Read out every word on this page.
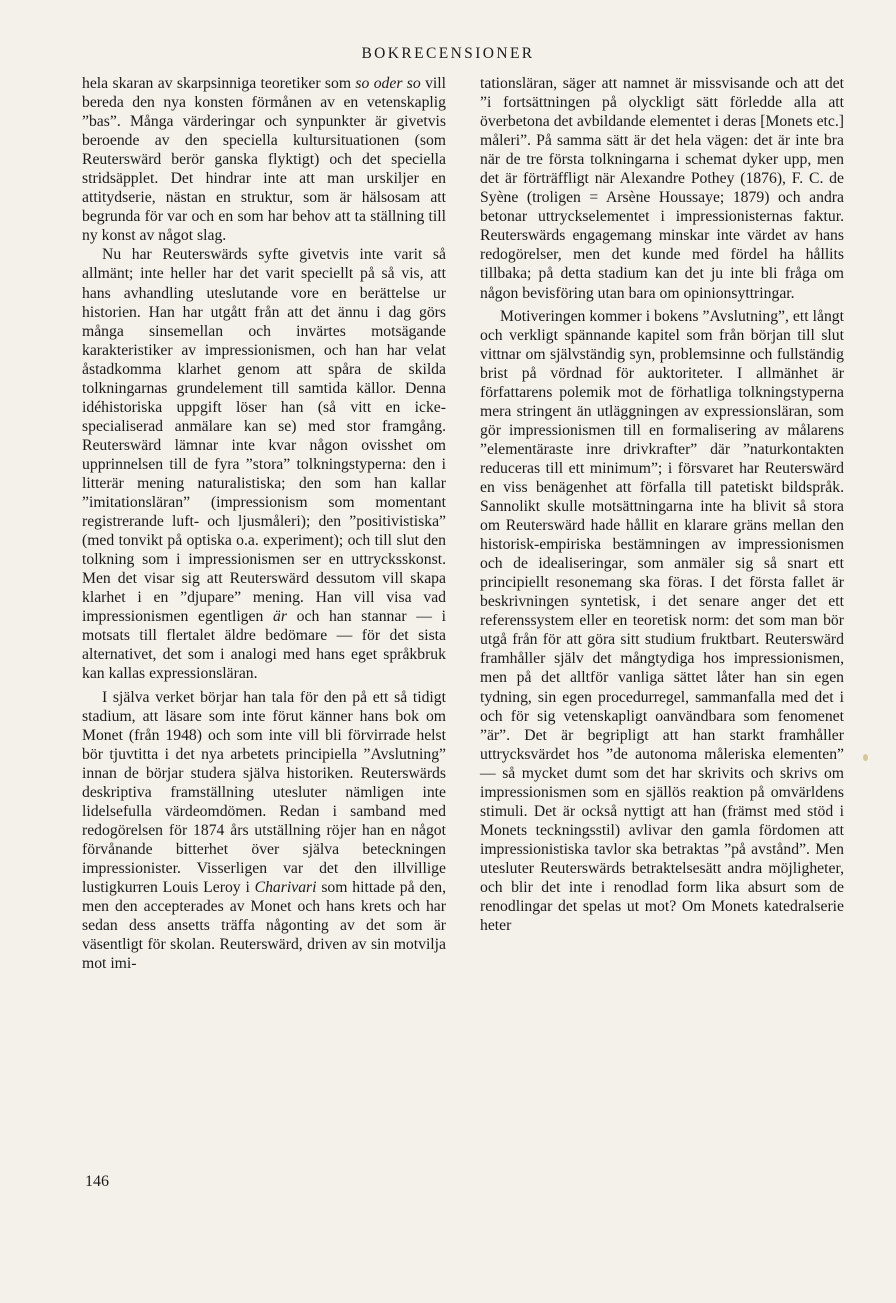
BOKRECENSIONER

hela skaran av skarpsinniga teoretiker som so oder so vill bereda den nya konsten förmånen av en vetenskaplig ”bas”. Många värderingar och synpunkter är givetvis beroende av den speciella kultursituationen (som Reuterswärd berör ganska flyktigt) och det speciella stridsäpplet. Det hindrar inte att man urskiljer en attitydserie, nästan en struktur, som är hälsosam att begrunda för var och en som har behov att ta ställning till ny konst av något slag.

Nu har Reuterswärds syfte givetvis inte varit så allmänt; inte heller har det varit speciellt på så vis, att hans avhandling uteslutande vore en berättelse ur historien. Han har utgått från att det ännu i dag görs många sinsemellan och invärtes motsägande karakteristiker av impressionismen, och han har velat åstadkomma klarhet genom att spåra de skilda tolkningarnas grundelement till samtida källor. Denna idéhistoriska uppgift löser han (så vitt en icke-specialiserad anmälare kan se) med stor framgång. Reuterswärd lämnar inte kvar någon ovisshet om upprinnelsen till de fyra ”stora” tolkningstyperna: den i litterär mening naturalistiska; den som han kallar ”imitationsläran” (impressionism som momentant registrerande luft- och ljusmåleri); den ”positivistiska” (med tonvikt på optiska o.a. experiment); och till slut den tolkning som i impressionismen ser en uttrycksskonst. Men det visar sig att Reuterswärd dessutom vill skapa klarhet i en ”djupare” mening. Han vill visa vad impressionismen egentligen är och han stannar — i motsats till flertalet äldre bedömare — för det sista alternativet, det som i analogi med hans eget språkbruk kan kallas expressionsläran.

I själva verket börjar han tala för den på ett så tidigt stadium, att läsare som inte förut känner hans bok om Monet (från 1948) och som inte vill bli förvirrade helst bör tjuvtitta i det nya arbetets principiella ”Avslutning” innan de börjar studera själva historiken. Reuterswärds deskriptiva framställning utesluter nämligen inte lidelsefulla värdeomdömen. Redan i samband med redogörelsen för 1874 års utställning röjer han en något förvånande bitterhet över själva beteckningen impressionister. Visserligen var det den illvillige lustigkurren Louis Leroy i Charivari som hittade på den, men den accepterades av Monet och hans krets och har sedan dess ansetts träffa någonting av det som är väsentligt för skolan. Reuterswärd, driven av sin motvilja mot imi-

tationsläran, säger att namnet är missvisande och att det ”i fortsättningen på olyckligt sätt förledde alla att överbetona det avbildande elementet i deras [Monets etc.] måleri”. På samma sätt är det hela vägen: det är inte bra när de tre första tolkningarna i schemat dyker upp, men det är förträffligt när Alexandre Pothey (1876), F. C. de Syène (troligen = Arsène Houssaye; 1879) och andra betonar uttryckselementet i impressionisternas faktur. Reuterswärds engagemang minskar inte värdet av hans redogörelser, men det kunde med fördel ha hållits tillbaka; på detta stadium kan det ju inte bli fråga om någon bevisföring utan bara om opinionsyttringar.

Motiveringen kommer i bokens ”Avslutning”, ett långt och verkligt spännande kapitel som från början till slut vittnar om självständig syn, problemsinne och fullständig brist på vördnad för auktoriteter. I allmänhet är författarens polemik mot de förhatliga tolkningstyperna mera stringent än utläggningen av expressionsläran, som gör impressionismen till en formalisering av målarens ”elementäraste inre drivkrafter” där ”naturkontakten reduceras till ett minimum”; i försvaret har Reuterswärd en viss benägenhet att förfalla till patetiskt bildspråk. Sannolikt skulle motsättningarna inte ha blivit så stora om Reuterswärd hade hållit en klarare gräns mellan den historisk-empiriska bestämningen av impressionismen och de idealiseringar, som anmäler sig så snart ett principiellt resonemang ska föras. I det första fallet är beskrivningen syntetisk, i det senare anger det ett referenssystem eller en teoretisk norm: det som man bör utgå från för att göra sitt studium fruktbart. Reuterswärd framhåller själv det mångtydiga hos impressionismen, men på det alltför vanliga sättet låter han sin egen tydning, sin egen procedurregel, sammanfalla med det i och för sig vetenskapligt oanvändbara som fenomenet ”är”. Det är begripligt att han starkt framhåller uttrycksvärdet hos ”de autonoma måleriska elementen” — så mycket dumt som det har skrivits och skrivs om impressionismen som en själlös reaktion på omvärldens stimuli. Det är också nyttigt att han (främst med stöd i Monets teckningsstil) avlivar den gamla fördomen att impressionistiska tavlor ska betraktas ”på avstånd”. Men utesluter Reuterswärds betraktelsesätt andra möjligheter, och blir det inte i renodlad form lika absurt som de renodlingar det spelas ut mot? Om Monets katedralserie heter

146
